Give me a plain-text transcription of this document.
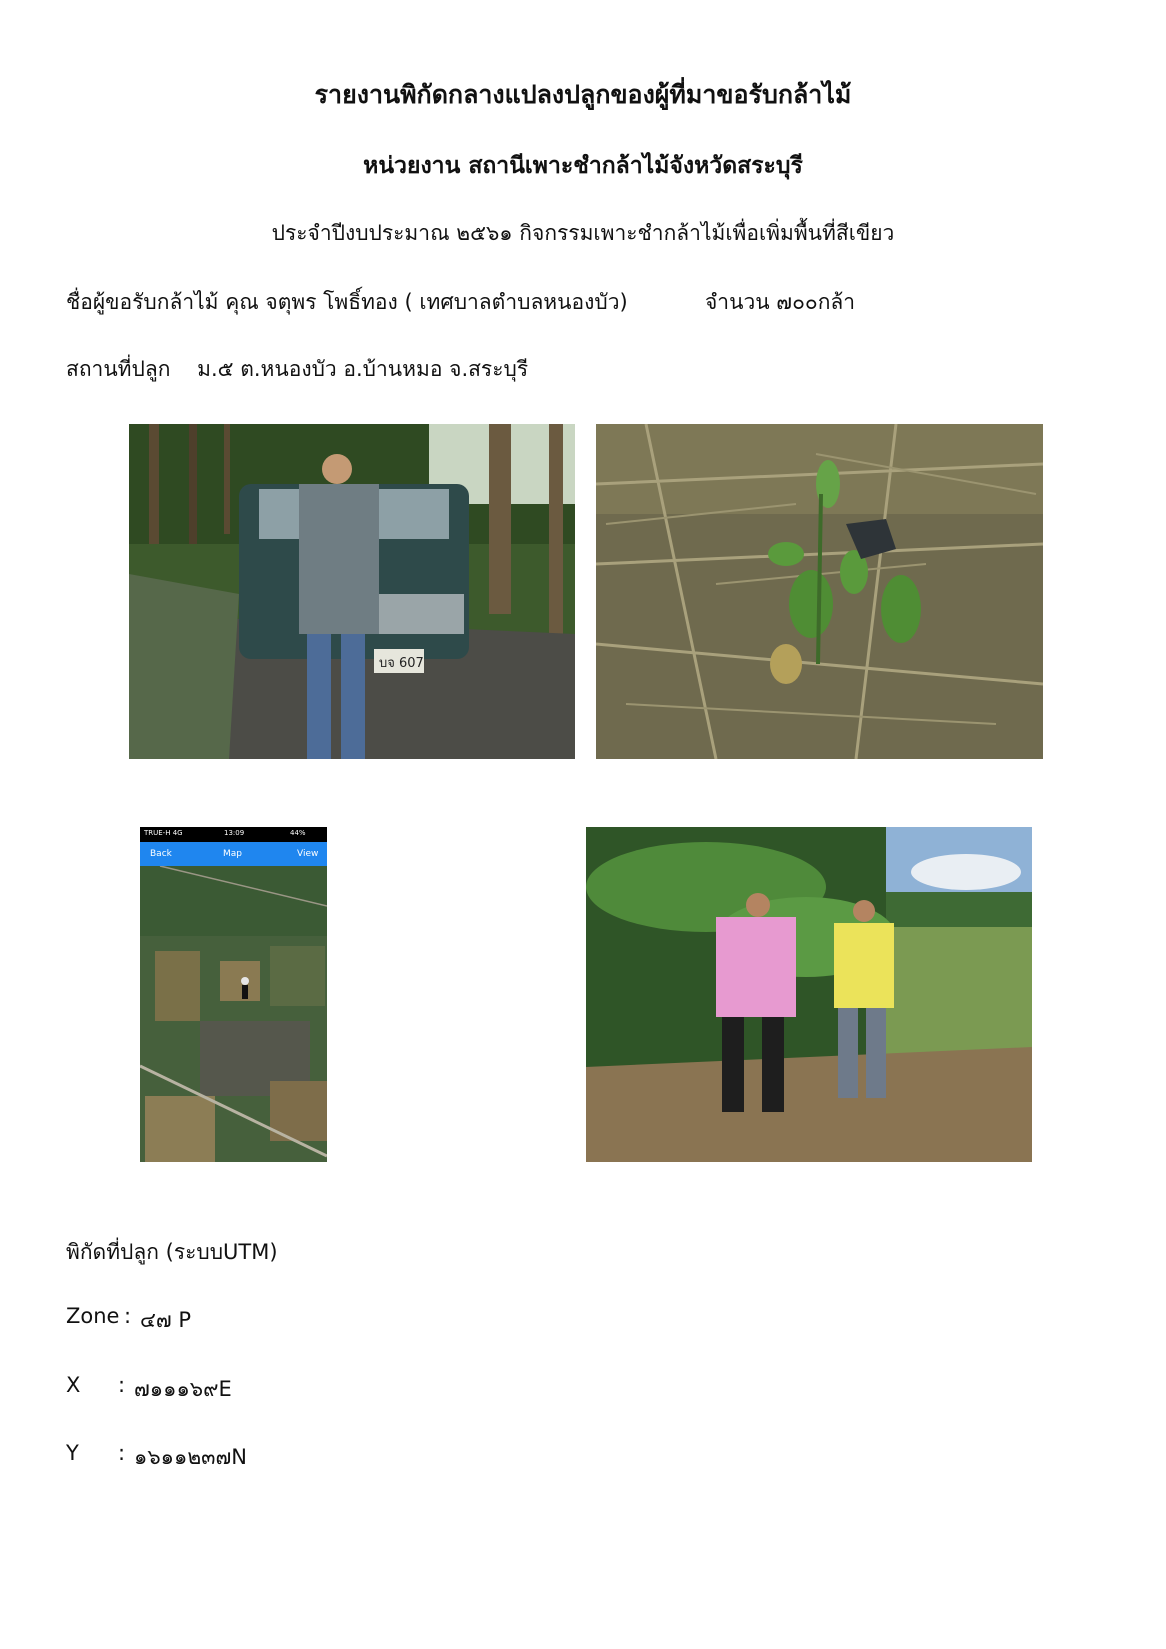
รายงานพิกัดกลางแปลงปลูกของผู้ที่มาขอรับกล้าไม้
หน่วยงาน สถานีเพาะชำกล้าไม้จังหวัดสระบุรี
ประจำปีงบประมาณ ๒๕๖๑ กิจกรรมเพาะชำกล้าไม้เพื่อเพิ่มพื้นที่สีเขียว
ชื่อผู้ขอรับกล้าไม้ คุณ จตุพร โพธิ์ทอง ( เทศบาลตำบลหนองบัว)	จำนวน ๗๐๐กล้า
สถานที่ปลูก    ม.๕ ต.หนองบัว อ.บ้านหมอ จ.สระบุรี
บจ 607
TRUE-H 4G	13:09	44%
Back	Map	View
พิกัดที่ปลูก (ระบบUTM)
Zone : ๔๗ P
X : ๗๑๑๑๖๙E
Y : ๑๖๑๑๒๓๗N
